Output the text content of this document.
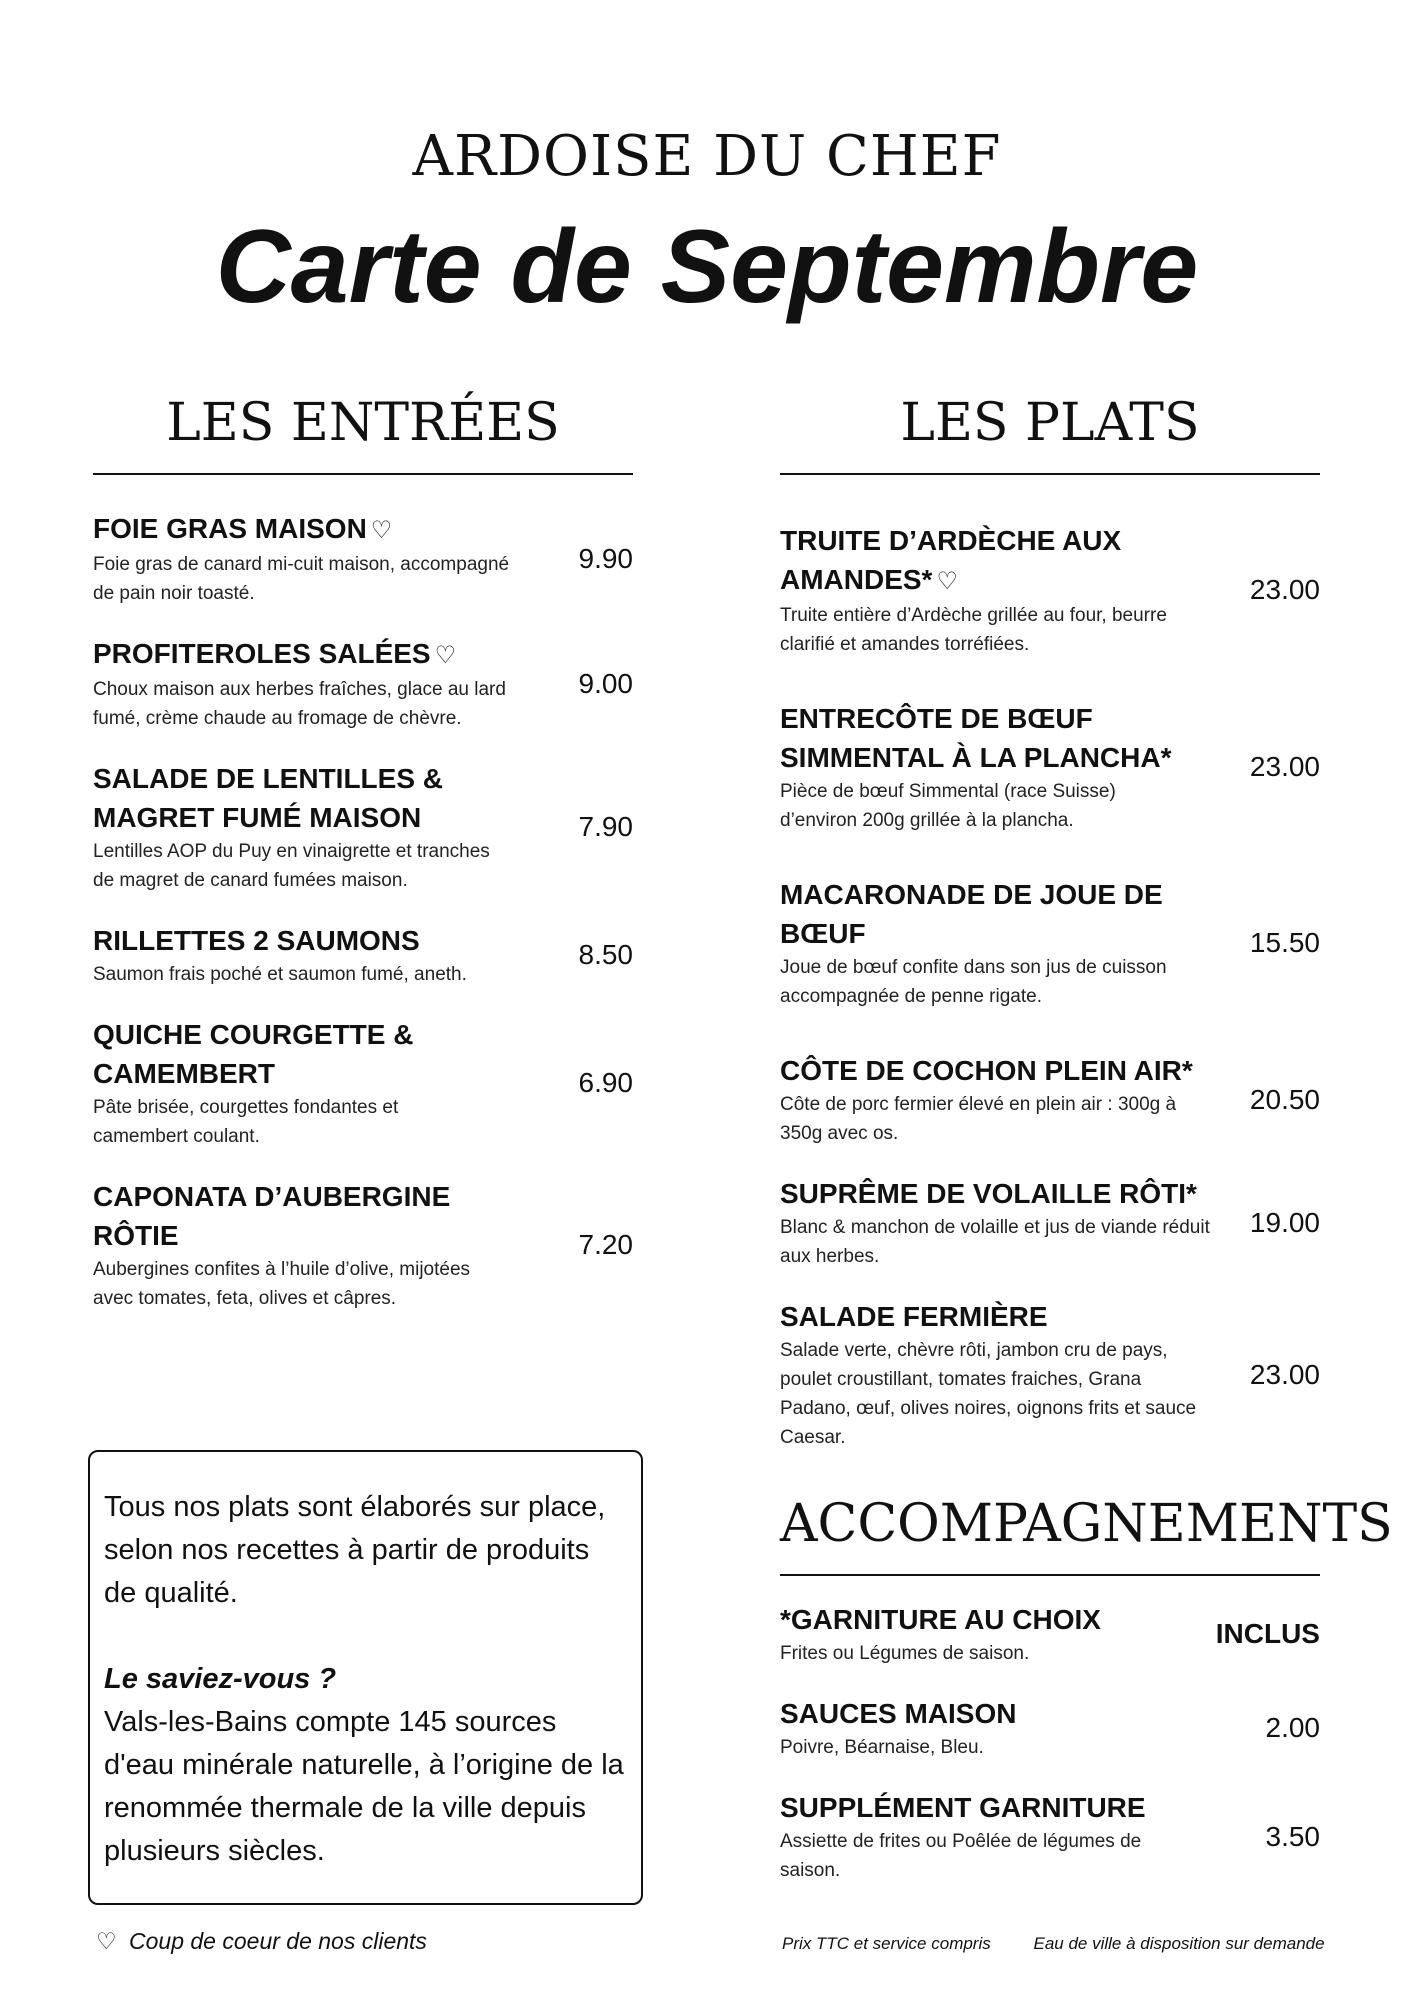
ARDOISE DU CHEF
Carte de Septembre
LES ENTRÉES
FOIE GRAS MAISON ♡
Foie gras de canard mi-cuit maison, accompagné de pain noir toasté.
9.90
PROFITEROLES SALÉES ♡
Choux maison aux herbes fraîches, glace au lard fumé, crème chaude au fromage de chèvre.
9.00
SALADE DE LENTILLES & MAGRET FUMÉ MAISON
Lentilles AOP du Puy en vinaigrette et tranches de magret de canard fumées maison.
7.90
RILLETTES 2 SAUMONS
Saumon frais poché et saumon fumé, aneth.
8.50
QUICHE COURGETTE & CAMEMBERT
Pâte brisée, courgettes fondantes et camembert coulant.
6.90
CAPONATA D’AUBERGINE RÔTIE
Aubergines confites à l’huile d’olive, mijotées avec tomates, feta, olives et câpres.
7.20
LES PLATS
TRUITE D’ARDÈCHE AUX AMANDES* ♡
Truite entière d’Ardèche grillée au four, beurre clarifié et amandes torréfiées.
23.00
ENTRECÔTE DE BŒUF SIMMENTAL À LA PLANCHA*
Pièce de bœuf Simmental (race Suisse) d’environ 200g grillée à la plancha.
23.00
MACARONADE DE JOUE DE BŒUF
Joue de bœuf confite dans son jus de cuisson accompagnée de penne rigate.
15.50
CÔTE DE COCHON PLEIN AIR*
Côte de porc fermier élevé en plein air : 300g à 350g avec os.
20.50
SUPRÊME DE VOLAILLE RÔTI*
Blanc & manchon de volaille et jus de viande réduit aux herbes.
19.00
SALADE FERMIÈRE
Salade verte, chèvre rôti, jambon cru de pays, poulet croustillant, tomates fraiches, Grana Padano, œuf, olives noires, oignons frits et sauce Caesar.
23.00
ACCOMPAGNEMENTS
*GARNITURE AU CHOIX
Frites ou Légumes de saison.
INCLUS
SAUCES MAISON
Poivre, Béarnaise, Bleu.
2.00
SUPPLÉMENT GARNITURE
Assiette de frites ou Poêlée de légumes de saison.
3.50

Tous nos plats sont élaborés sur place, selon nos recettes à partir de produits de qualité.

Le saviez-vous ?

Vals-les-Bains compte 145 sources d'eau minérale naturelle, à l’origine de la renommée thermale de la ville depuis plusieurs siècles.

♡ Coup de coeur de nos clients	Prix TTC et service compris	Eau de ville à disposition sur demande
